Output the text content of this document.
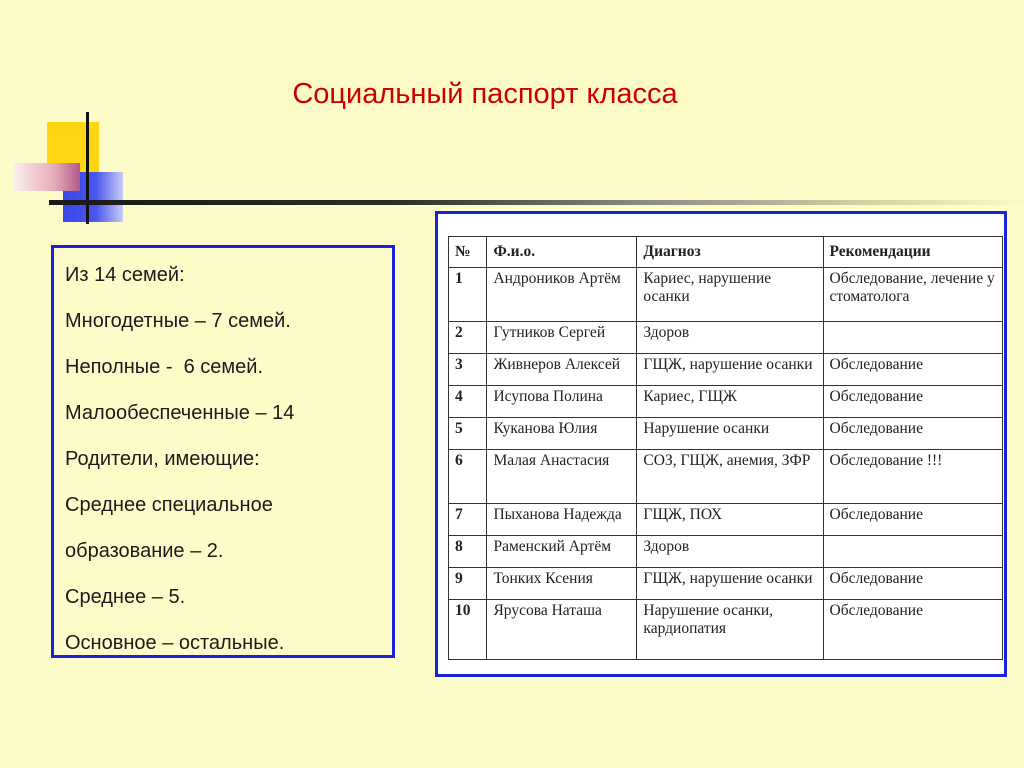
Социальный паспорт класса
Из 14 семей:
Многодетные – 7 семей.
Неполные -  6 семей.
Малообеспеченные – 14
Родители, имеющие:
Среднее специальное
образование – 2.
Среднее – 5.
Основное – остальные.
№	Ф.и.о.	Диагноз	Рекомендации
1	Андроников Артём	Кариес, нарушение осанки	Обследование, лечение у стоматолога
2	Гутников Сергей	Здоров	
3	Живнеров Алексей	ГЩЖ, нарушение осанки	Обследование
4	Исупова Полина	Кариес, ГЩЖ	Обследование
5	Куканова Юлия	Нарушение осанки	Обследование
6	Малая Анастасия	СОЗ, ГЩЖ, анемия, ЗФР	Обследование !!!
7	Пыханова Надежда	ГЩЖ, ПОХ	Обследование
8	Раменский Артём	Здоров	
9	Тонких Ксения	ГЩЖ, нарушение осанки	Обследование
10	Ярусова Наташа	Нарушение осанки, кардиопатия	Обследование
